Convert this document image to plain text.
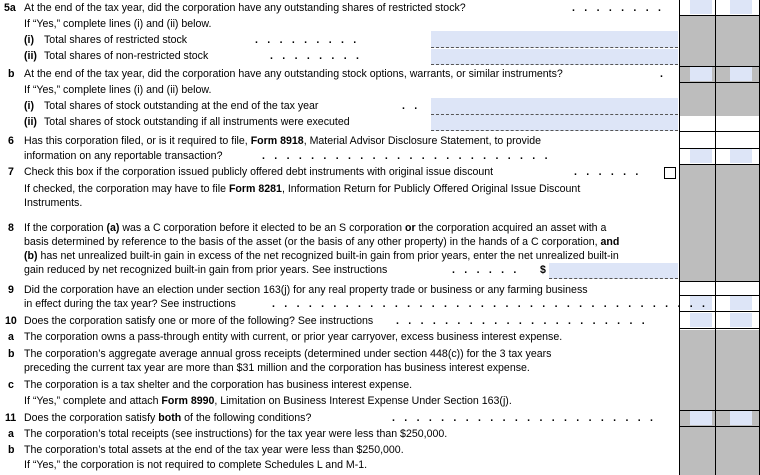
5a At the end of the tax year, did the corporation have any outstanding shares of restricted stock?	. . . . . . . .
If “Yes,” complete lines (i) and (ii) below.
(i) Total shares of restricted stock	. . . . . . . . .
(ii) Total shares of non-restricted stock	. . . . . . . .
b At the end of the tax year, did the corporation have any outstanding stock options, warrants, or similar instruments?	.
If “Yes,” complete lines (i) and (ii) below.
(i) Total shares of stock outstanding at the end of the tax year	. .
(ii) Total shares of stock outstanding if all instruments were executed
6 Has this corporation filed, or is it required to file, Form 8918, Material Advisor Disclosure Statement, to provide
information on any reportable transaction?	. . . . . . . . . . . . . . . . . . . . . . . .
7 Check this box if the corporation issued publicly offered debt instruments with original issue discount	. . . . . .
If checked, the corporation may have to file Form 8281, Information Return for Publicly Offered Original Issue Discount
Instruments.
8 If the corporation (a) was a C corporation before it elected to be an S corporation or the corporation acquired an asset with a
basis determined by reference to the basis of the asset (or the basis of any other property) in the hands of a C corporation, and
(b) has net unrealized built-in gain in excess of the net recognized built-in gain from prior years, enter the net unrealized built-in
gain reduced by net recognized built-in gain from prior years. See instructions	. . . . . . $
9 Did the corporation have an election under section 163(j) for any real property trade or business or any farming business
in effect during the tax year? See instructions	. . . . . . . . . . . . . . . . . . . . . . . . . . . . . . . . . . . .
10 Does the corporation satisfy one or more of the following? See instructions . . . . . . . . . . . . . . . . . . . . .
a The corporation owns a pass-through entity with current, or prior year carryover, excess business interest expense.
b The corporation’s aggregate average annual gross receipts (determined under section 448(c)) for the 3 tax years
preceding the current tax year are more than $31 million and the corporation has business interest expense.
c The corporation is a tax shelter and the corporation has business interest expense.
If “Yes,” complete and attach Form 8990, Limitation on Business Interest Expense Under Section 163(j).
11 Does the corporation satisfy both of the following conditions?	. . . . . . . . . . . . . . . . . . . . . .
a The corporation’s total receipts (see instructions) for the tax year were less than $250,000.
b The corporation’s total assets at the end of the tax year were less than $250,000.
If “Yes,” the corporation is not required to complete Schedules L and M-1.
